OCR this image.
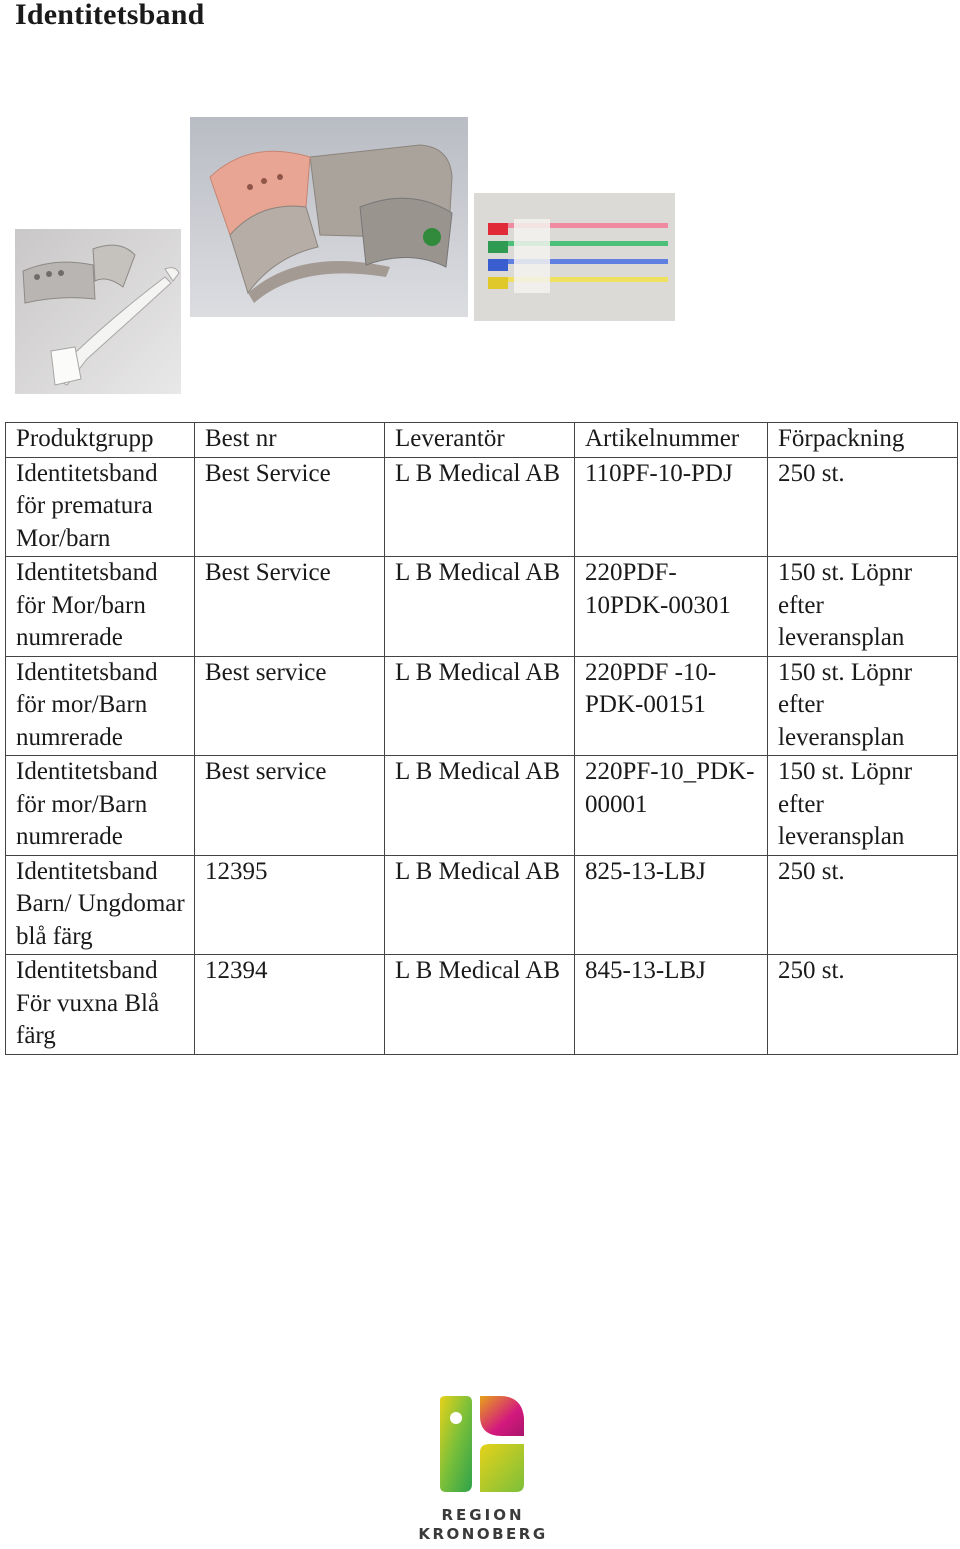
Identitetsband
Produktgrupp	Best nr	Leverantör	Artikelnummer	Förpackning
Identitetsband för prematura Mor/barn	Best Service	L B Medical AB	110PF-10-PDJ	250 st.
Identitetsband för Mor/barn numrerade	Best Service	L B Medical AB	220PDF-10PDK-00301	150 st. Löpnr efter leveransplan
Identitetsband för mor/Barn numrerade	Best service	L B Medical AB	220PDF -10-PDK-00151	150 st. Löpnr efter leveransplan
Identitetsband för mor/Barn numrerade	Best service	L B Medical AB	220PF-10_PDK-00001	150 st. Löpnr efter leveransplan
Identitetsband Barn/ Ungdomar blå färg	12395	L B Medical AB	825-13-LBJ	250 st.
Identitetsband För vuxna Blå färg	12394	L B Medical AB	845-13-LBJ	250 st.
REGION
KRONOBERG
